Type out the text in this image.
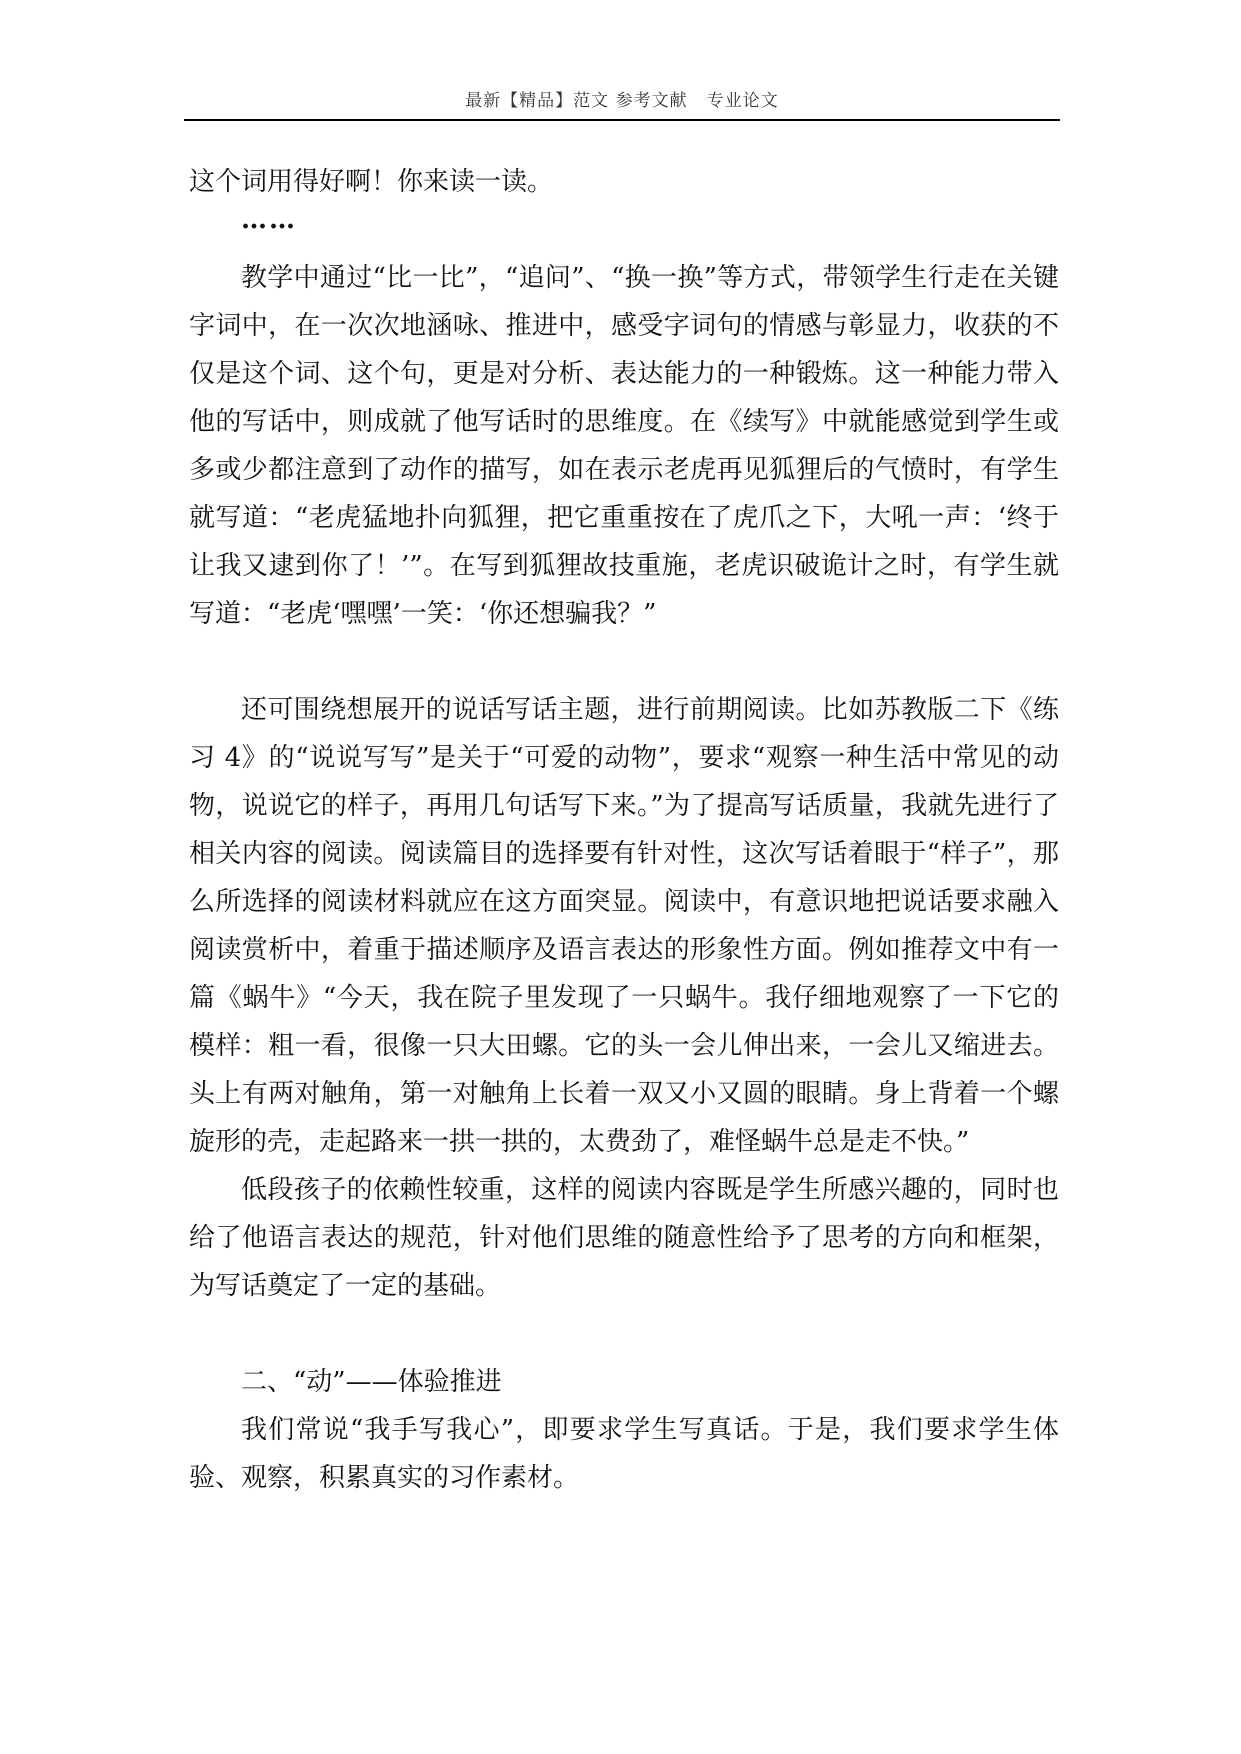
最新【精品】范文 参考文献   专业论文

这个词用得好啊！你来读一读。

……

教学中通过“比一比”，“追问”、“换一换”等方式，带领学生行走在关键字词中，在一次次地涵咏、推进中，感受字词句的情感与彰显力，收获的不仅是这个词、这个句，更是对分析、表达能力的一种锻炼。这一种能力带入他的写话中，则成就了他写话时的思维度。在《续写》中就能感觉到学生或多或少都注意到了动作的描写，如在表示老虎再见狐狸后的气愤时，有学生就写道：“老虎猛地扑向狐狸，把它重重按在了虎爪之下，大吼一声：‘终于让我又逮到你了！’”。在写到狐狸故技重施，老虎识破诡计之时，有学生就写道：“老虎‘嘿嘿’一笑：‘你还想骗我？”

还可围绕想展开的说话写话主题，进行前期阅读。比如苏教版二下《练习 4》的“说说写写”是关于“可爱的动物”，要求“观察一种生活中常见的动物，说说它的样子，再用几句话写下来。”为了提高写话质量，我就先进行了相关内容的阅读。阅读篇目的选择要有针对性，这次写话着眼于“样子”，那么所选择的阅读材料就应在这方面突显。阅读中，有意识地把说话要求融入阅读赏析中，着重于描述顺序及语言表达的形象性方面。例如推荐文中有一篇《蜗牛》“今天，我在院子里发现了一只蜗牛。我仔细地观察了一下它的模样：粗一看，很像一只大田螺。它的头一会儿伸出来，一会儿又缩进去。头上有两对触角，第一对触角上长着一双又小又圆的眼睛。身上背着一个螺旋形的壳，走起路来一拱一拱的，太费劲了，难怪蜗牛总是走不快。”

低段孩子的依赖性较重，这样的阅读内容既是学生所感兴趣的，同时也给了他语言表达的规范，针对他们思维的随意性给予了思考的方向和框架，为写话奠定了一定的基础。

二、“动”——体验推进

我们常说“我手写我心”，即要求学生写真话。于是，我们要求学生体验、观察，积累真实的习作素材。
